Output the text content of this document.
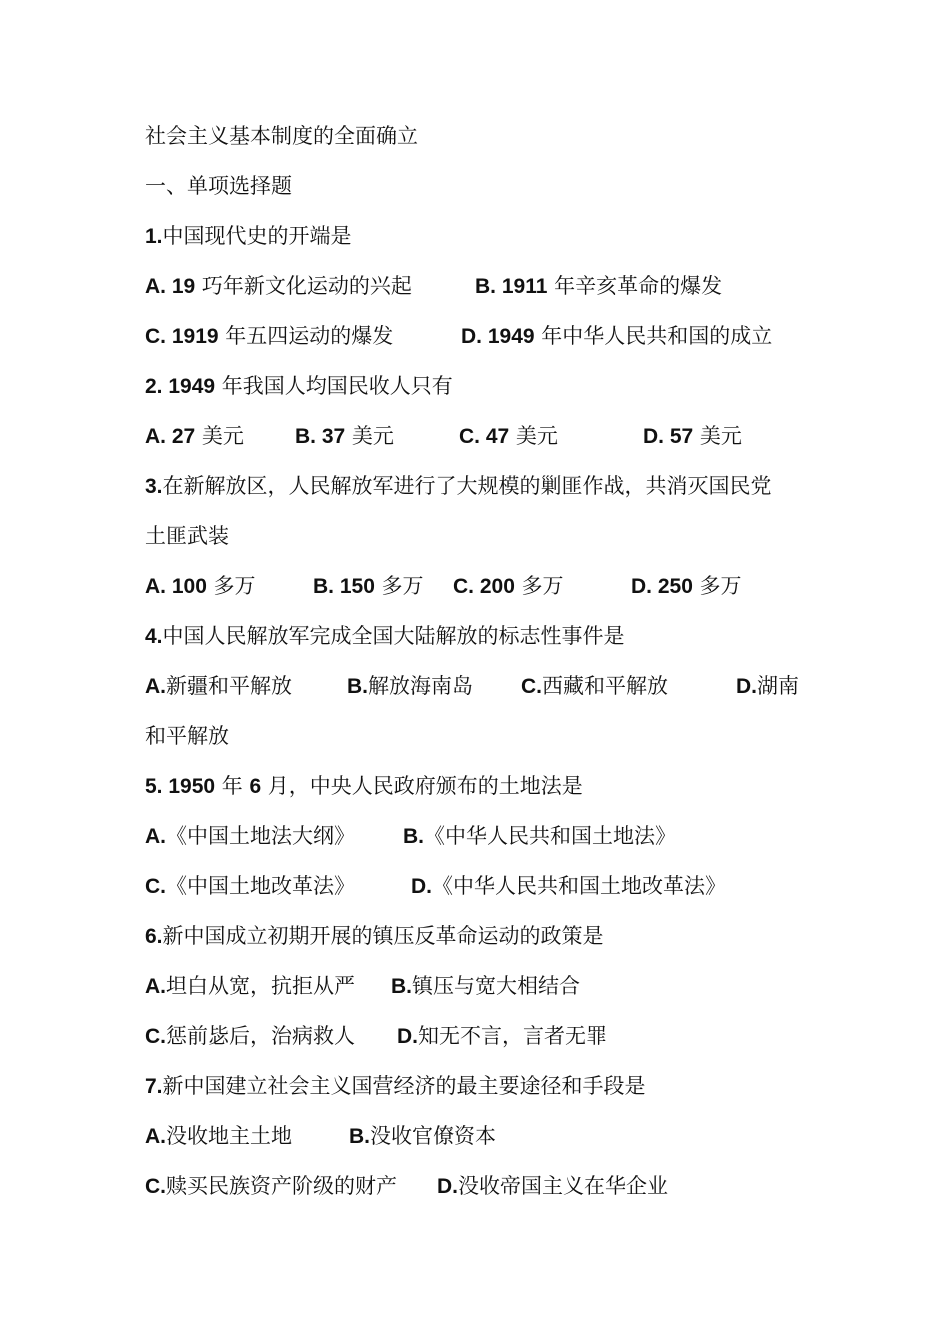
社会主义基本制度的全面确立
一、单项选择题
1.中国现代史的开端是
A. 19 巧年新文化运动的兴起	B. 1911 年辛亥革命的爆发
C. 1919 年五四运动的爆发	D. 1949 年中华人民共和国的成立
2. 1949 年我国人均国民收人只有
A. 27 美元 B. 37 美元	C. 47 美元	D. 57 美元
3.在新解放区，人民解放军进行了大规模的剿匪作战，共消灭国民党
土匪武装
A. 100 多万	B. 150 多万 C. 200 多万	D. 250 多万
4.中国人民解放军完成全国大陆解放的标志性事件是
A.新疆和平解放	B.解放海南岛 C.西藏和平解放	D.湖南
和平解放
5. 1950 年 6 月，中央人民政府颁布的土地法是
A.《中国土地法大纲》 B.《中华人民共和国土地法》
C.《中国土地改革法》	D.《中华人民共和国土地改革法》
6.新中国成立初期开展的镇压反革命运动的政策是
A.坦白从宽，抗拒从严 B.镇压与宽大相结合
C.惩前毖后，治病救人 D.知无不言，言者无罪
7.新中国建立社会主义国营经济的最主要途径和手段是
A.没收地主土地	B.没收官僚资本
C.赎买民族资产阶级的财产 D.没收帝国主义在华企业
